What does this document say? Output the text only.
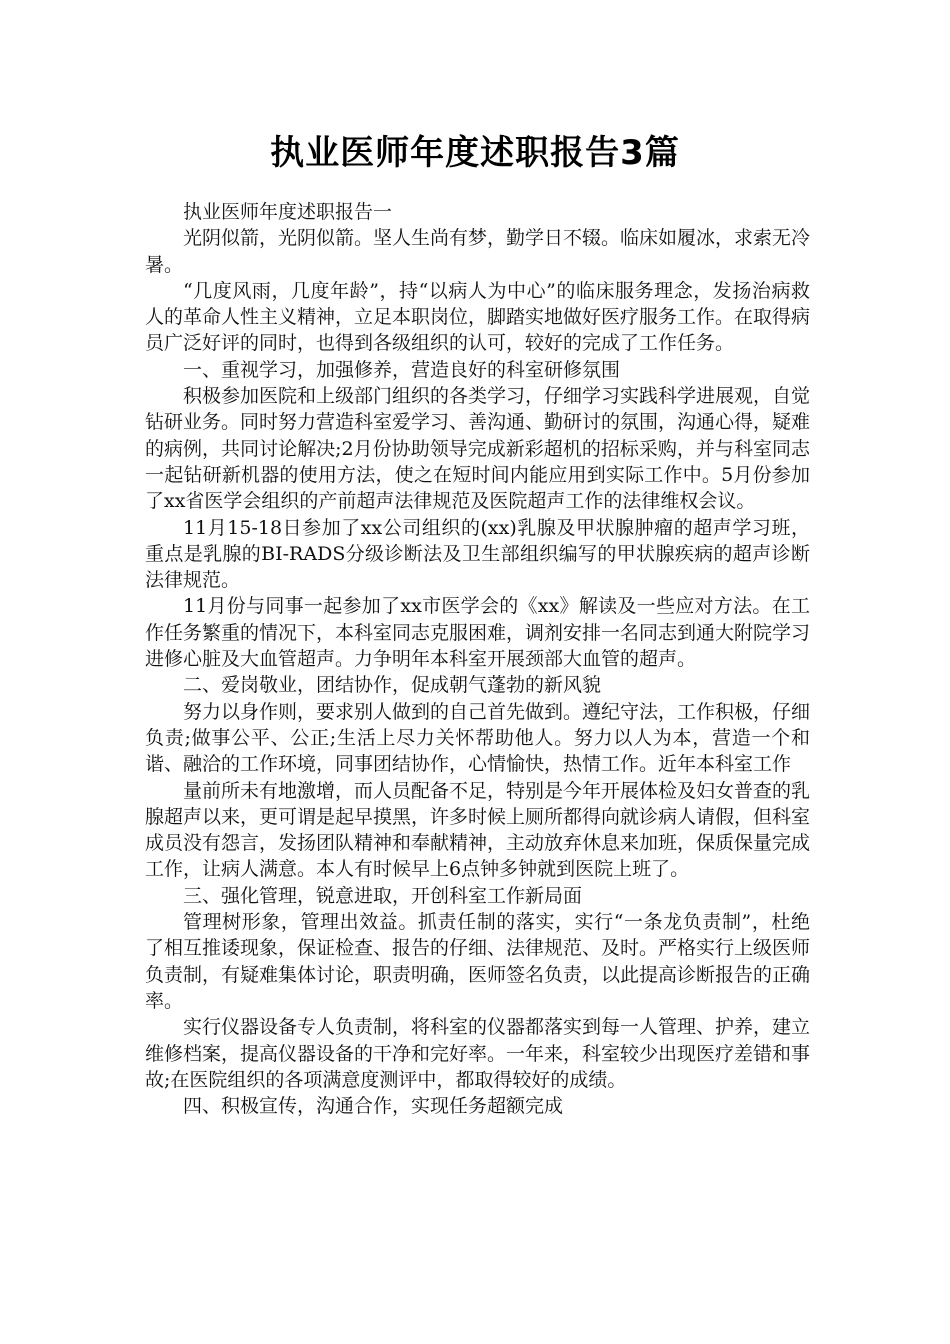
执业医师年度述职报告3篇

执业医师年度述职报告一

光阴似箭，光阴似箭。坚人生尚有梦，勤学日不辍。临床如履冰，求索无冷暑。

“几度风雨，几度年龄”，持“以病人为中心”的临床服务理念，发扬治病救人的革命人性主义精神，立足本职岗位，脚踏实地做好医疗服务工作。在取得病员广泛好评的同时，也得到各级组织的认可，较好的完成了工作任务。

一、重视学习，加强修养，营造良好的科室研修氛围

积极参加医院和上级部门组织的各类学习，仔细学习实践科学进展观，自觉钻研业务。同时努力营造科室爱学习、善沟通、勤研讨的氛围，沟通心得，疑难的病例，共同讨论解决;2月份协助领导完成新彩超机的招标采购，并与科室同志一起钻研新机器的使用方法，使之在短时间内能应用到实际工作中。5月份参加了xx省医学会组织的产前超声法律规范及医院超声工作的法律维权会议。

11月15-18日参加了xx公司组织的(xx)乳腺及甲状腺肿瘤的超声学习班，重点是乳腺的BI-RADS分级诊断法及卫生部组织编写的甲状腺疾病的超声诊断法律规范。

11月份与同事一起参加了xx市医学会的《xx》解读及一些应对方法。在工作任务繁重的情况下，本科室同志克服困难，调剂安排一名同志到通大附院学习进修心脏及大血管超声。力争明年本科室开展颈部大血管的超声。

二、爱岗敬业，团结协作，促成朝气蓬勃的新风貌

努力以身作则，要求别人做到的自己首先做到。遵纪守法，工作积极，仔细负责;做事公平、公正;生活上尽力关怀帮助他人。努力以人为本，营造一个和谐、融洽的工作环境，同事团结协作，心情愉快，热情工作。近年本科室工作

量前所未有地激增，而人员配备不足，特别是今年开展体检及妇女普查的乳腺超声以来，更可谓是起早摸黑，许多时候上厕所都得向就诊病人请假，但科室成员没有怨言，发扬团队精神和奉献精神，主动放弃休息来加班，保质保量完成工作，让病人满意。本人有时候早上6点钟多钟就到医院上班了。

三、强化管理，锐意进取，开创科室工作新局面

管理树形象，管理出效益。抓责任制的落实，实行“一条龙负责制”，杜绝了相互推诿现象，保证检查、报告的仔细、法律规范、及时。严格实行上级医师负责制，有疑难集体讨论，职责明确，医师签名负责，以此提高诊断报告的正确率。

实行仪器设备专人负责制，将科室的仪器都落实到每一人管理、护养，建立维修档案，提高仪器设备的干净和完好率。一年来，科室较少出现医疗差错和事故;在医院组织的各项满意度测评中，都取得较好的成绩。

四、积极宣传，沟通合作，实现任务超额完成
